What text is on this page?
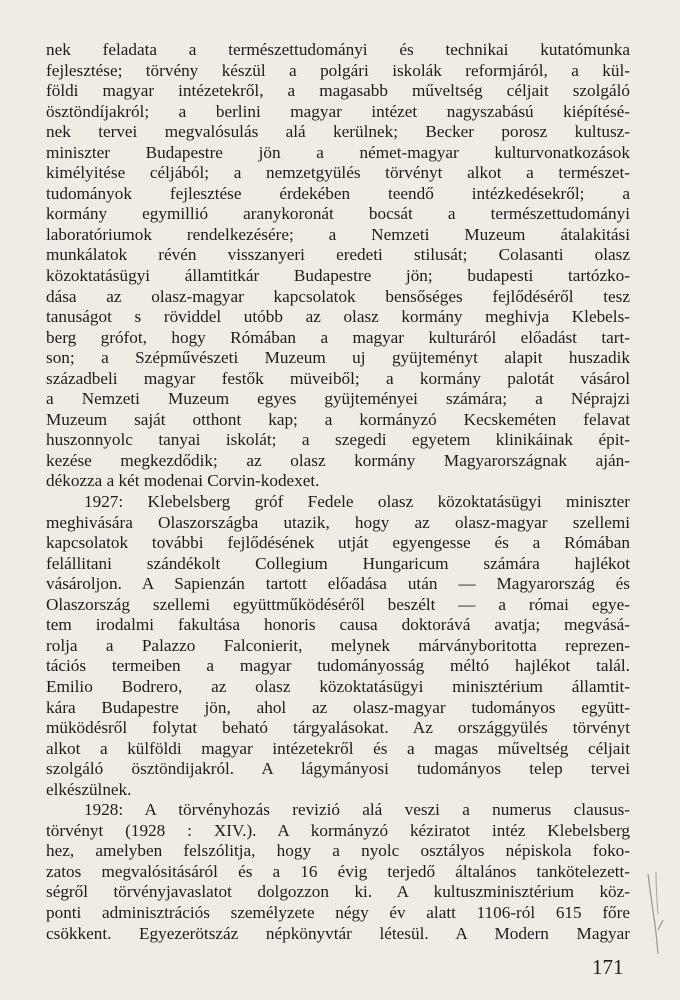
nek feladata a természettudományi és technikai kutatómunka
fejlesztése; törvény készül a polgári iskolák reformjáról, a kül-
földi magyar intézetekről, a magasabb műveltség céljait szolgáló
ösztöndíjakról; a berlini magyar intézet nagyszabású kiépítésé-
nek tervei megvalósulás alá kerülnek; Becker porosz kultusz-
miniszter Budapestre jön a német-magyar kulturvonatkozások
kimélyitése céljából; a nemzetgyülés törvényt alkot a természet-
tudományok fejlesztése érdekében teendő intézkedésekről; a
kormány egymillió aranykoronát bocsát a természettudományi
laboratóriumok rendelkezésére; a Nemzeti Muzeum átalakitási
munkálatok révén visszanyeri eredeti stilusát; Colasanti olasz
közoktatásügyi államtitkár Budapestre jön; budapesti tartózko-
dása az olasz-magyar kapcsolatok bensőséges fejlődéséről tesz
tanuságot s röviddel utóbb az olasz kormány meghivja Klebels-
berg grófot, hogy Rómában a magyar kulturáról előadást tart-
son; a Szépművészeti Muzeum uj gyüjteményt alapit huszadik
századbeli magyar festők müveiből; a kormány palotát vásárol
a Nemzeti Muzeum egyes gyüjteményei számára; a Néprajzi
Muzeum saját otthont kap; a kormányzó Kecskeméten felavat
huszonnyolc tanyai iskolát; a szegedi egyetem klinikáinak épit-
kezése megkezdődik; az olasz kormány Magyarországnak aján-
dékozza a két modenai Corvin-kodexet.
1927: Klebelsberg gróf Fedele olasz közoktatásügyi miniszter
meghivására Olaszországba utazik, hogy az olasz-magyar szellemi
kapcsolatok további fejlődésének utját egyengesse és a Rómában
felállitani szándékolt Collegium Hungaricum számára hajlékot
vásároljon. A Sapienzán tartott előadása után — Magyarország és
Olaszország szellemi együttműködéséről beszélt — a római egye-
tem irodalmi fakultása honoris causa doktorává avatja; megvásá-
rolja a Palazzo Falconierit, melynek márványboritotta reprezen-
tációs termeiben a magyar tudományosság méltó hajlékot talál.
Emilio Bodrero, az olasz közoktatásügyi minisztérium államtit-
kára Budapestre jön, ahol az olasz-magyar tudományos együtt-
müködésről folytat beható tárgyalásokat. Az országgyülés törvényt
alkot a külföldi magyar intézetekről és a magas műveltség céljait
szolgáló ösztöndijakról. A lágymányosi tudományos telep tervei
elkészülnek.
1928: A törvényhozás revizió alá veszi a numerus clausus-
törvényt (1928 : XIV.). A kormányzó kéziratot intéz Klebelsberg
hez, amelyben felszólitja, hogy a nyolc osztályos népiskola foko-
zatos megvalósitásáról és a 16 évig terjedő általános tankötelezett-
ségről törvényjavaslatot dolgozzon ki. A kultuszminisztérium köz-
ponti adminisztrációs személyzete négy év alatt 1106-ról 615 főre
csökkent. Egyezerötszáz népkönyvtár létesül. A Modern Magyar
171
